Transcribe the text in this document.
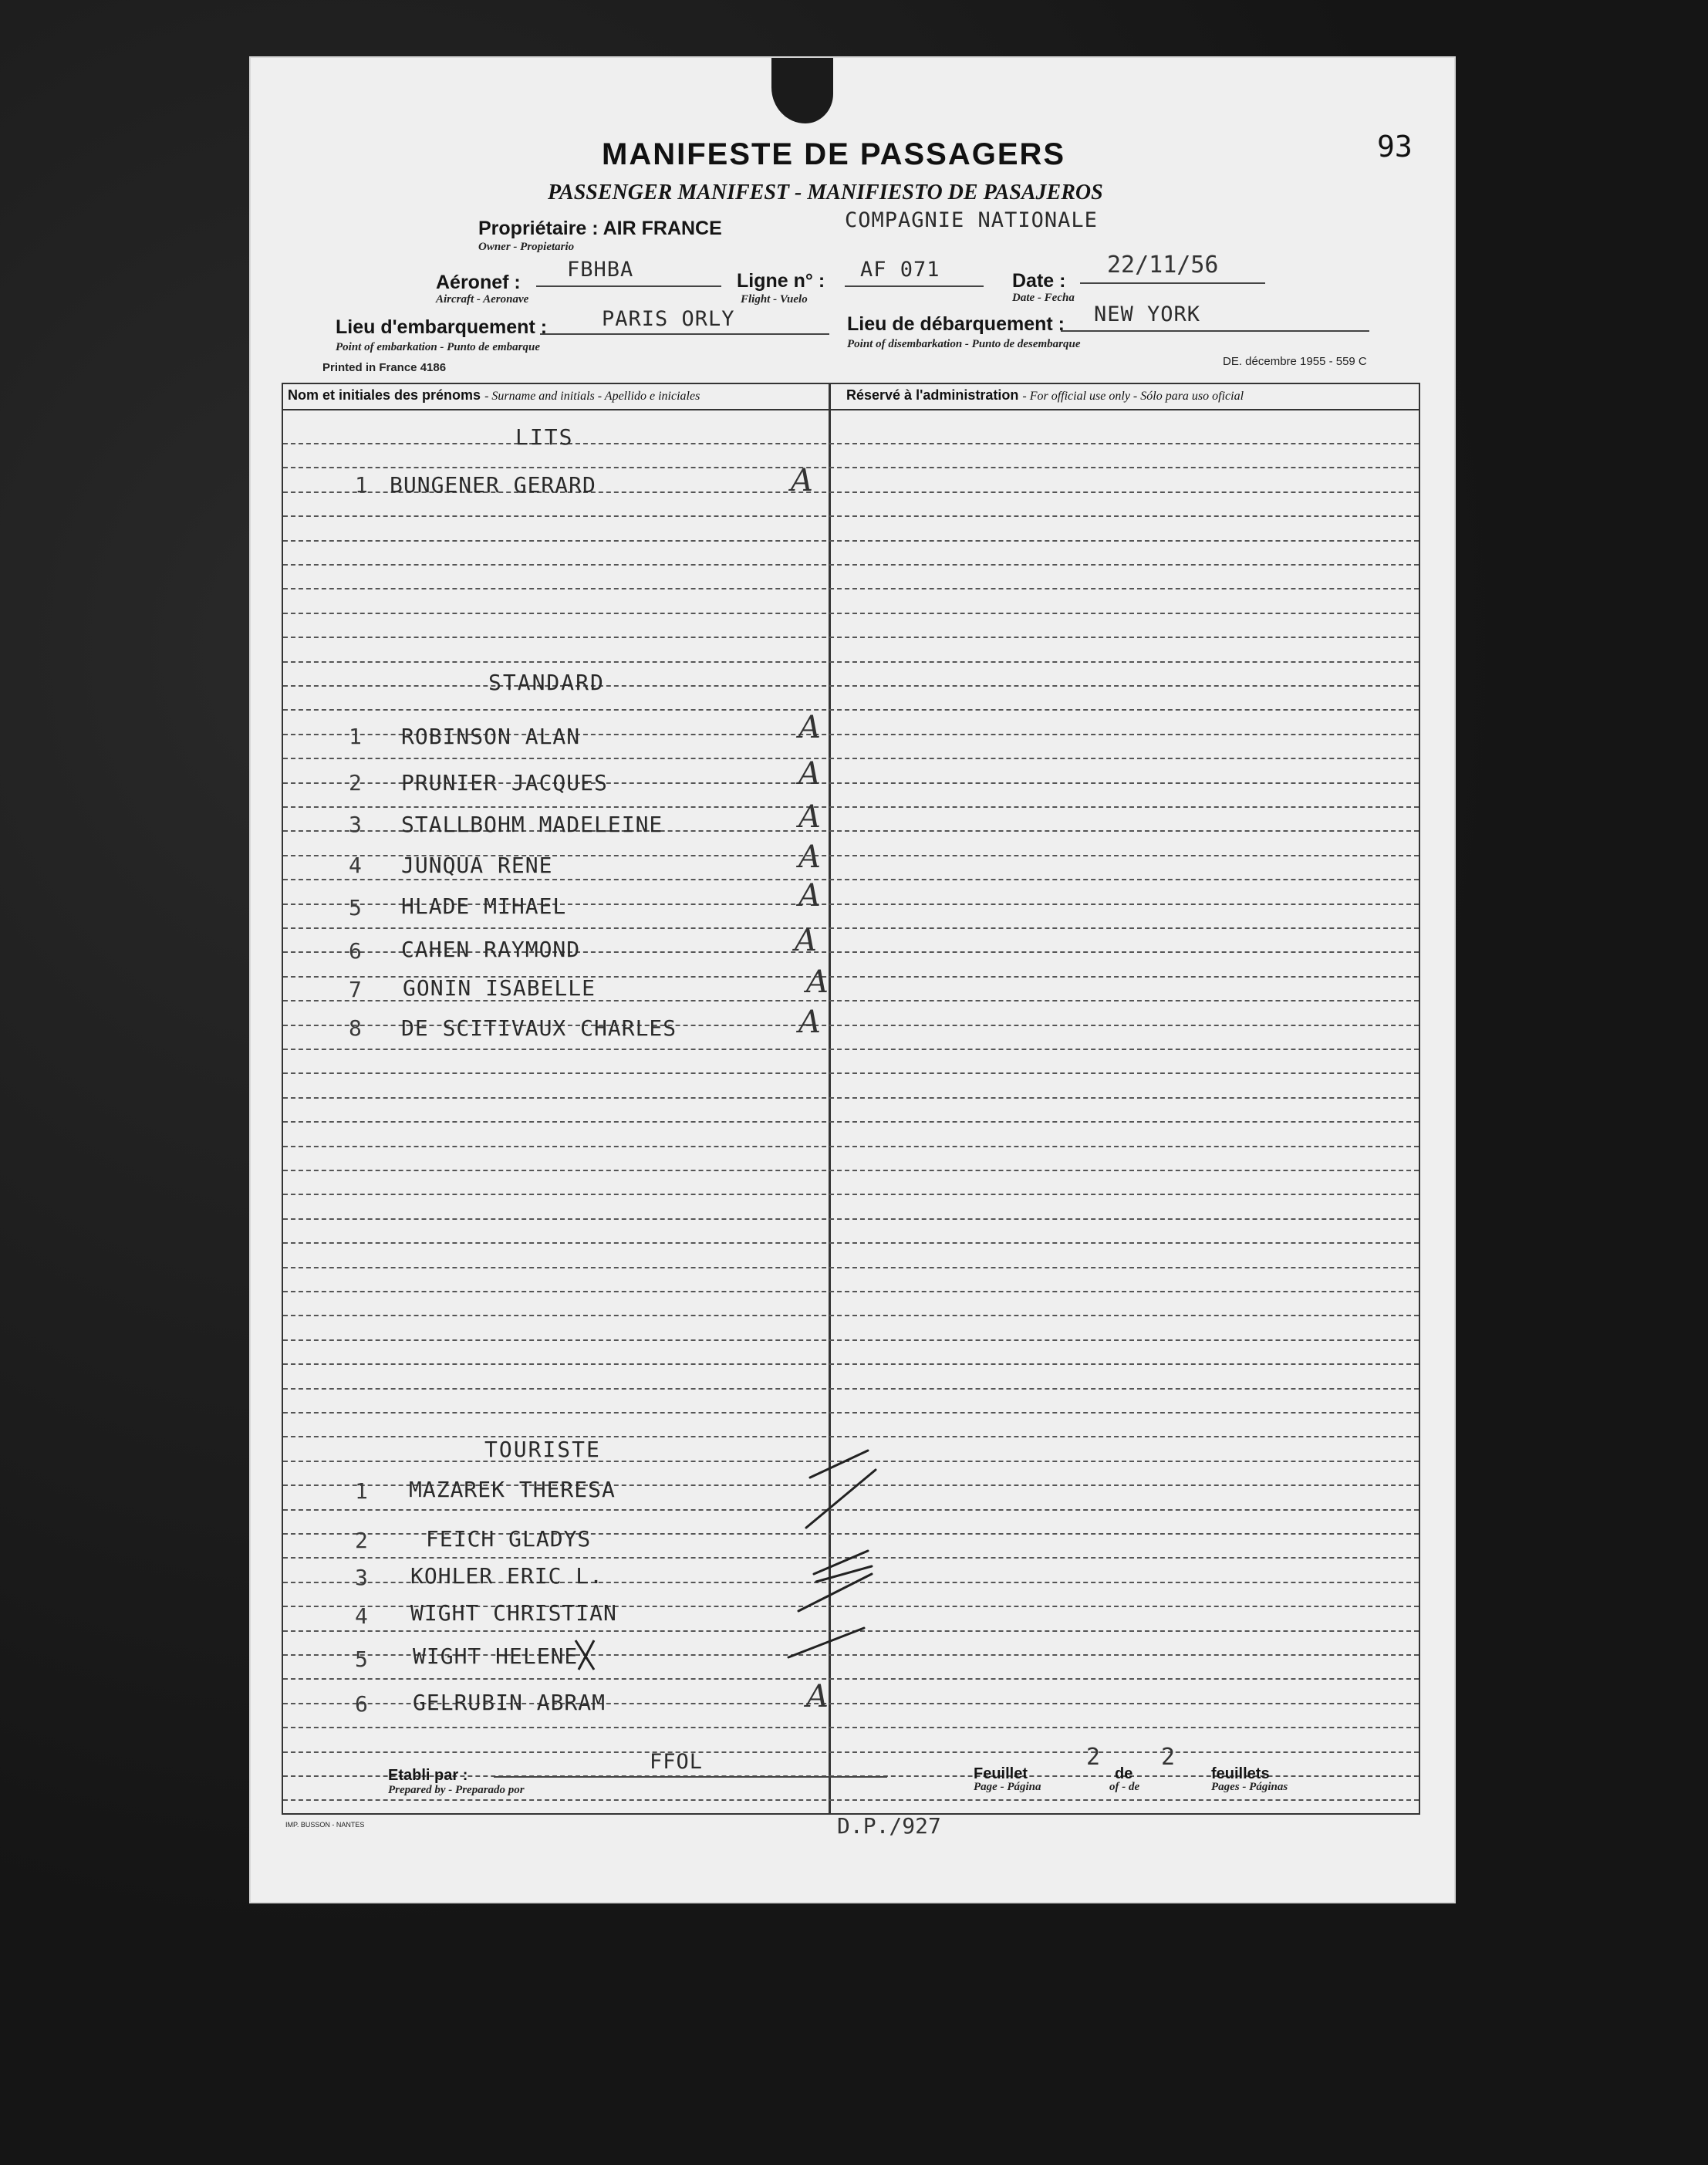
MANIFESTE DE PASSAGERS
PASSENGER MANIFEST - MANIFIESTO DE PASAJEROS
93
Propriétaire : AIR FRANCE
Owner - Propietario
COMPAGNIE NATIONALE
Aéronef :
Aircraft - Aeronave
FBHBA	Ligne n° :
Flight - Vuelo
AF 071	Date :
Date - Fecha
22/11/56
Lieu d'embarquement :
Point of embarkation - Punto de embarque
PARIS ORLY	Lieu de débarquement :
Point of disembarkation - Punto de desembarque
NEW YORK
Printed in France 4186	DE. décembre 1955 - 559 C
Nom et initiales des prénoms - Surname and initials - Apellido e iniciales	Réservé à l'administration - For official use only - Sólo para uso oficial
LITS
1 BUNGENER GERARD	A
STANDARD
1 ROBINSON ALAN	A
2 PRUNIER JACQUES	A
3 STALLBOHM MADELEINE	A
4 JUNQUA RENE	A
5 HLADE MIHAEL	A
6 CAHEN RAYMOND	A
7 GONIN ISABELLE	A
8 DE SCITIVAUX CHARLES	A
TOURISTE
1 MAZAREK THERESA
2	FEICH GLADYS
3 KOHLER ERIC L.
4 WIGHT CHRISTIAN
5 WIGHT HELENE
6 GELRUBIN ABRAM	A
Etabli par :
Prepared by - Preparado por
FFOL	Feuillet
2
de
2
feuillets
Page - Página	of - de	Pages - Páginas
D.P./927
IMP. BUSSON - NANTES
